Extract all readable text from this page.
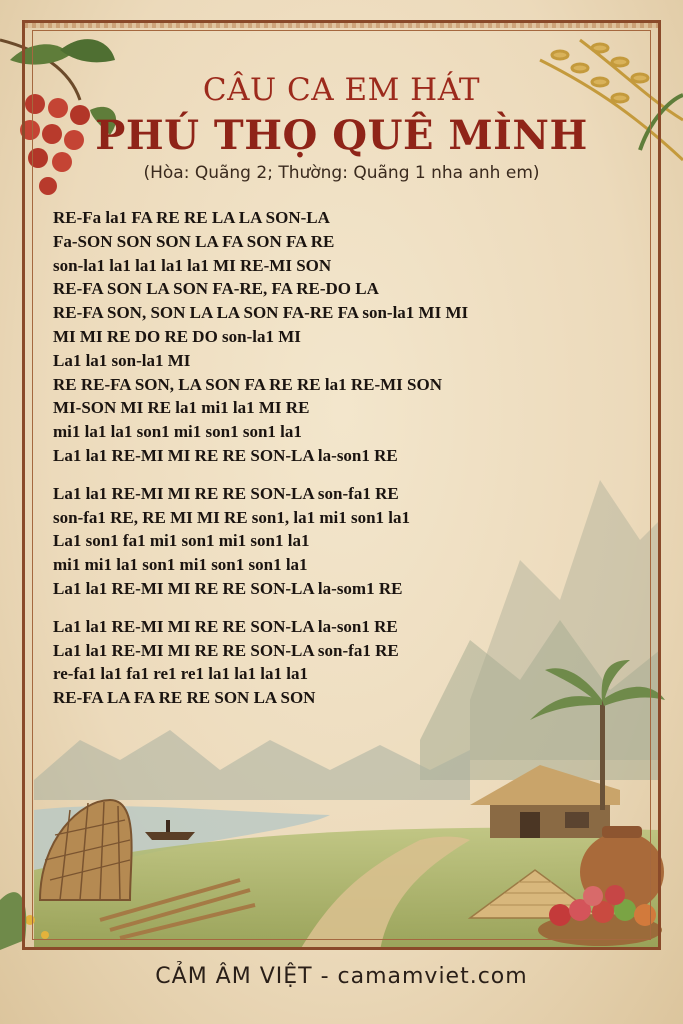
CÂU CA EM HÁT
PHÚ THỌ QUÊ MÌNH
(Hòa: Quãng 2; Thường: Quãng 1 nha anh em)
RE-Fa la1 FA RE RE LA LA SON-LA
Fa-SON SON SON LA FA SON FA RE
son-la1 la1 la1 la1 la1 MI RE-MI SON
RE-FA SON LA SON FA-RE, FA RE-DO LA
RE-FA SON, SON LA LA SON FA-RE FA son-la1 MI MI
MI MI RE DO RE DO son-la1 MI
La1 la1 son-la1 MI
RE RE-FA SON, LA SON FA RE RE la1 RE-MI SON
MI-SON MI RE la1 mi1 la1 MI RE
mi1 la1 la1 son1 mi1 son1 son1 la1
La1 la1 RE-MI MI RE RE SON-LA la-son1 RE
La1 la1 RE-MI MI RE RE SON-LA son-fa1 RE
son-fa1 RE, RE MI MI RE son1, la1 mi1 son1 la1
La1 son1 fa1 mi1 son1 mi1 son1 la1
mi1 mi1 la1 son1 mi1 son1 son1 la1
La1 la1 RE-MI MI RE RE SON-LA la-som1 RE
La1 la1 RE-MI MI RE RE SON-LA la-son1 RE
La1 la1 RE-MI MI RE RE SON-LA son-fa1 RE
re-fa1 la1 fa1 re1 re1 la1 la1 la1 la1
RE-FA LA FA RE RE SON LA SON
CẢM ÂM VIỆT - camamviet.com
